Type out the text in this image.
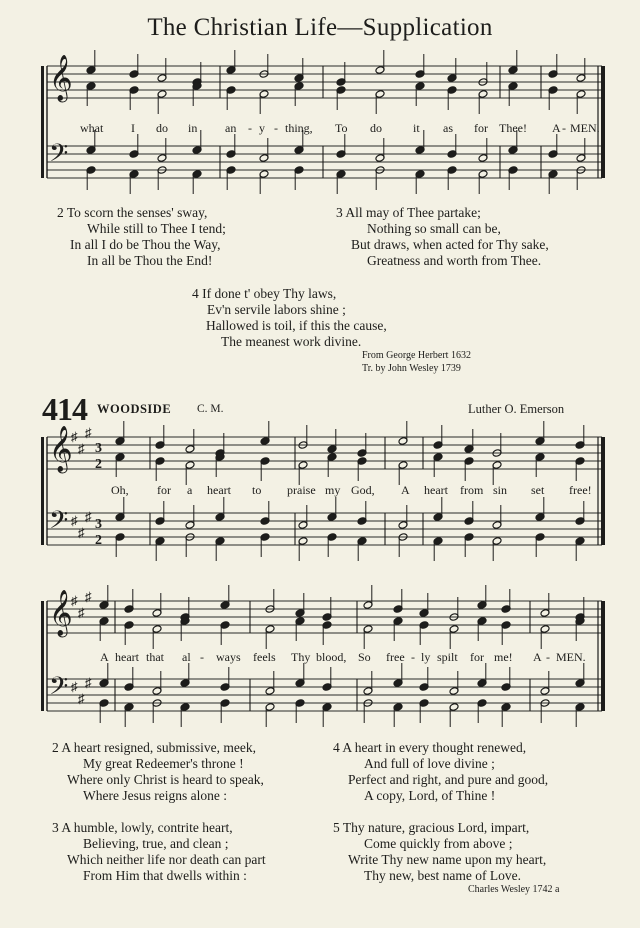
The Christian Life—Supplication
𝄞
𝄢
what I do in an - y - thing, To do	it as for Thee! A - MEN.
2 To scorn the senses' sway,
While still to Thee I tend;
In all I do be Thou the Way,
In all be Thou the End!
3 All may of Thee partake;
Nothing so small can be,
But draws, when acted for Thy sake,
Greatness and worth from Thee.
4 If done t' obey Thy laws,
Ev'n servile labors shine ;
Hallowed is toil, if this the cause,
The meanest work divine.
From George Herbert 1632
Tr. by John Wesley 1739
414 WOODSIDE C. M.	Luther O. Emerson
𝄞
𝄢
♯
♯
♯
♯
♯
♯
3
2
3
2
Oh, for a heart to praise my God, A heart from sin set free!
𝄞
𝄢
♯
♯
♯
♯
♯
♯
A heart that al - ways feels Thy blood, So free - ly spilt for me! A - MEN.
2 A heart resigned, submissive, meek,
My great Redeemer's throne !
Where only Christ is heard to speak,
Where Jesus reigns alone :
4 A heart in every thought renewed,
And full of love divine ;
Perfect and right, and pure and good,
A copy, Lord, of Thine !
3 A humble, lowly, contrite heart,
Believing, true, and clean ;
Which neither life nor death can part
From Him that dwells within :
5 Thy nature, gracious Lord, impart,
Come quickly from above ;
Write Thy new name upon my heart,
Thy new, best name of Love.
Charles Wesley 1742 a
